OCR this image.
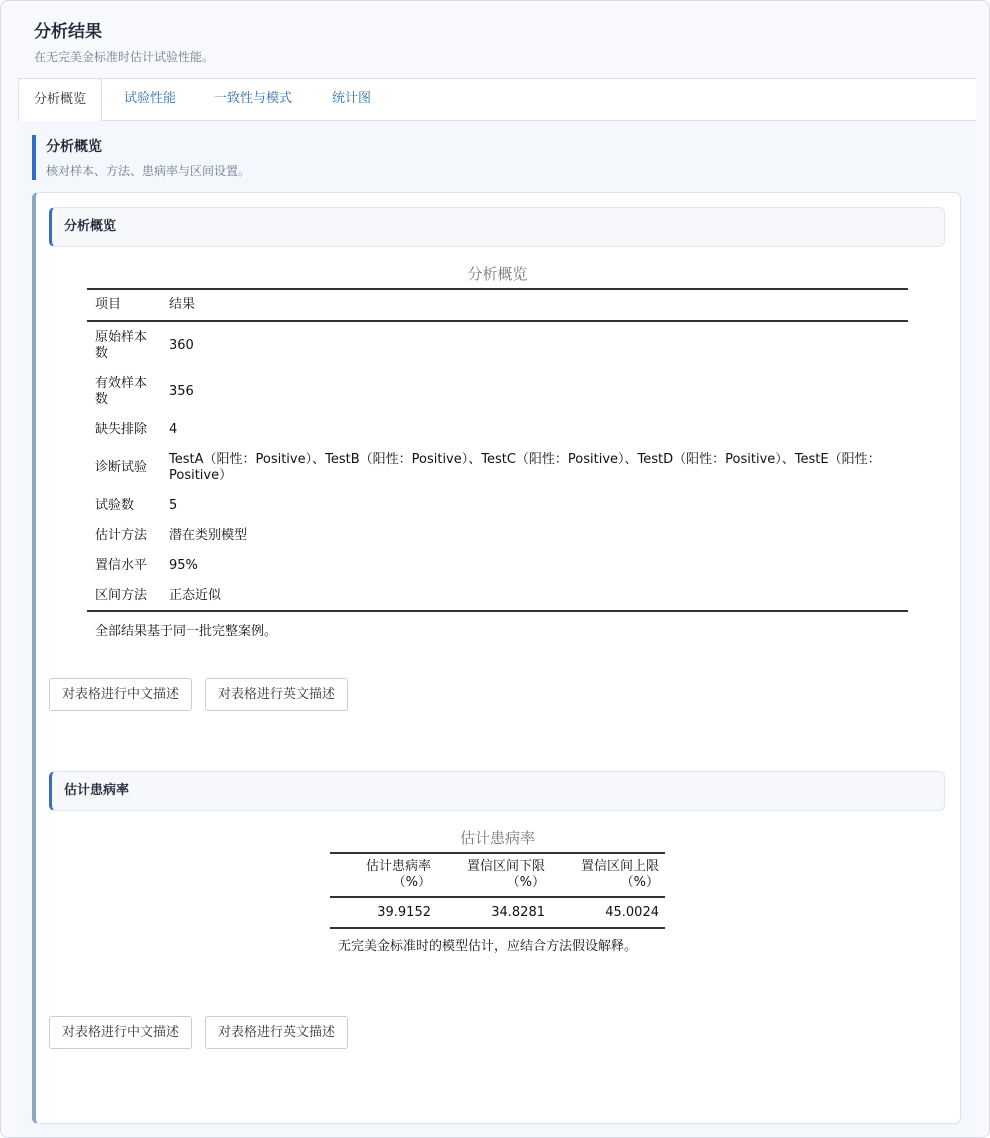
分析结果
在无完美金标准时估计试验性能。
分析概览	试验性能	一致性与模式	统计图
分析概览
核对样本、方法、患病率与区间设置。
分析概览
分析概览
项目	结果
原始样本数	360
有效样本数	356
缺失排除	4
诊断试验	TestA（阳性：Positive）、TestB（阳性：Positive）、TestC（阳性：Positive）、TestD（阳性：Positive）、TestE（阳性：Positive）
试验数	5
估计方法	潜在类别模型
置信水平	95%
区间方法	正态近似
全部结果基于同一批完整案例。
对表格进行中文描述	对表格进行英文描述
估计患病率
估计患病率
估计患病率（%）	置信区间下限（%）	置信区间上限（%）
39.9152	34.8281	45.0024
无完美金标准时的模型估计，应结合方法假设解释。
对表格进行中文描述	对表格进行英文描述
